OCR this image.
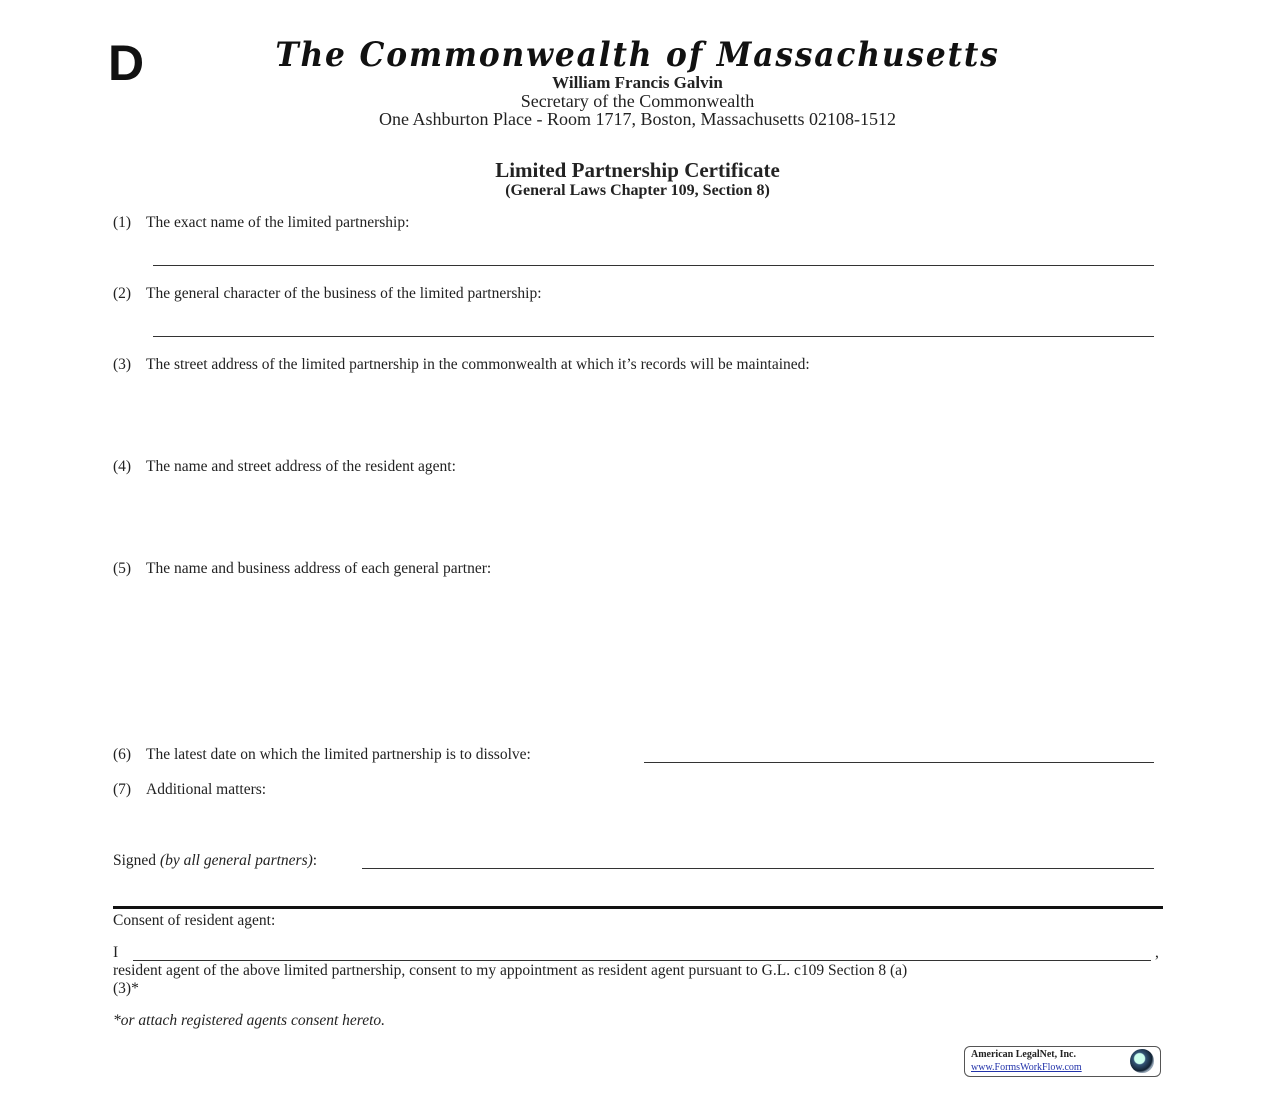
D	The Commonwealth of Massachusetts
William Francis Galvin
Secretary of the Commonwealth
One Ashburton Place - Room 1717, Boston, Massachusetts 02108-1512
Limited Partnership Certificate
(General Laws Chapter 109, Section 8)
(1) The exact name of the limited partnership:
(2) The general character of the business of the limited partnership:
(3) The street address of the limited partnership in the commonwealth at which it’s records will be maintained:
(4) The name and street address of the resident agent:
(5) The name and business address of each general partner:
(6) The latest date on which the limited partnership is to dissolve:
(7) Additional matters:
Signed (by all general partners):
Consent of resident agent:
I	,
resident agent of the above limited partnership, consent to my appointment as resident agent pursuant to G.L. c109 Section 8 (a)
(3)*
*or attach registered agents consent hereto.
American LegalNet, Inc.
www.FormsWorkFlow.com
